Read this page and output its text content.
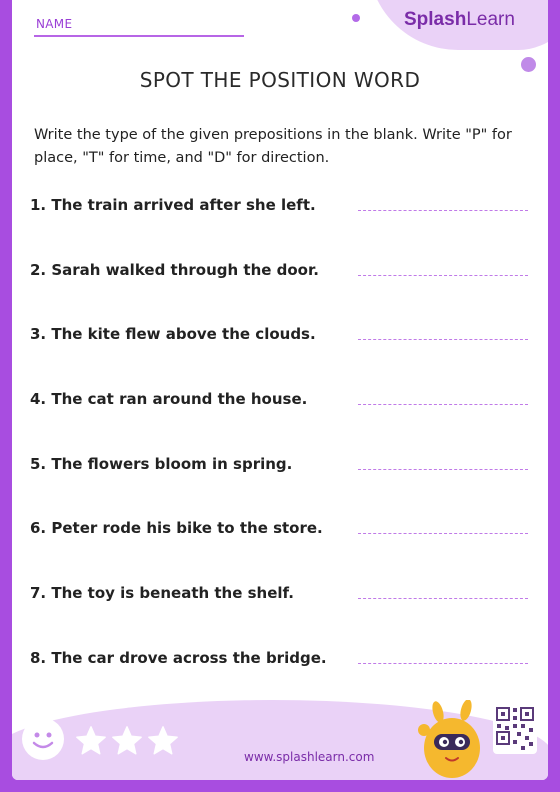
NAME	SplashLearn
SPOT THE POSITION WORD
Write the type of the given prepositions in the blank. Write "P" for place, "T" for time, and "D" for direction.
1. The train arrived after she left.
2. Sarah walked through the door.
3. The kite flew above the clouds.
4. The cat ran around the house.
5. The flowers bloom in spring.
6. Peter rode his bike to the store.
7. The toy is beneath the shelf.
8. The car drove across the bridge.
www.splashlearn.com
